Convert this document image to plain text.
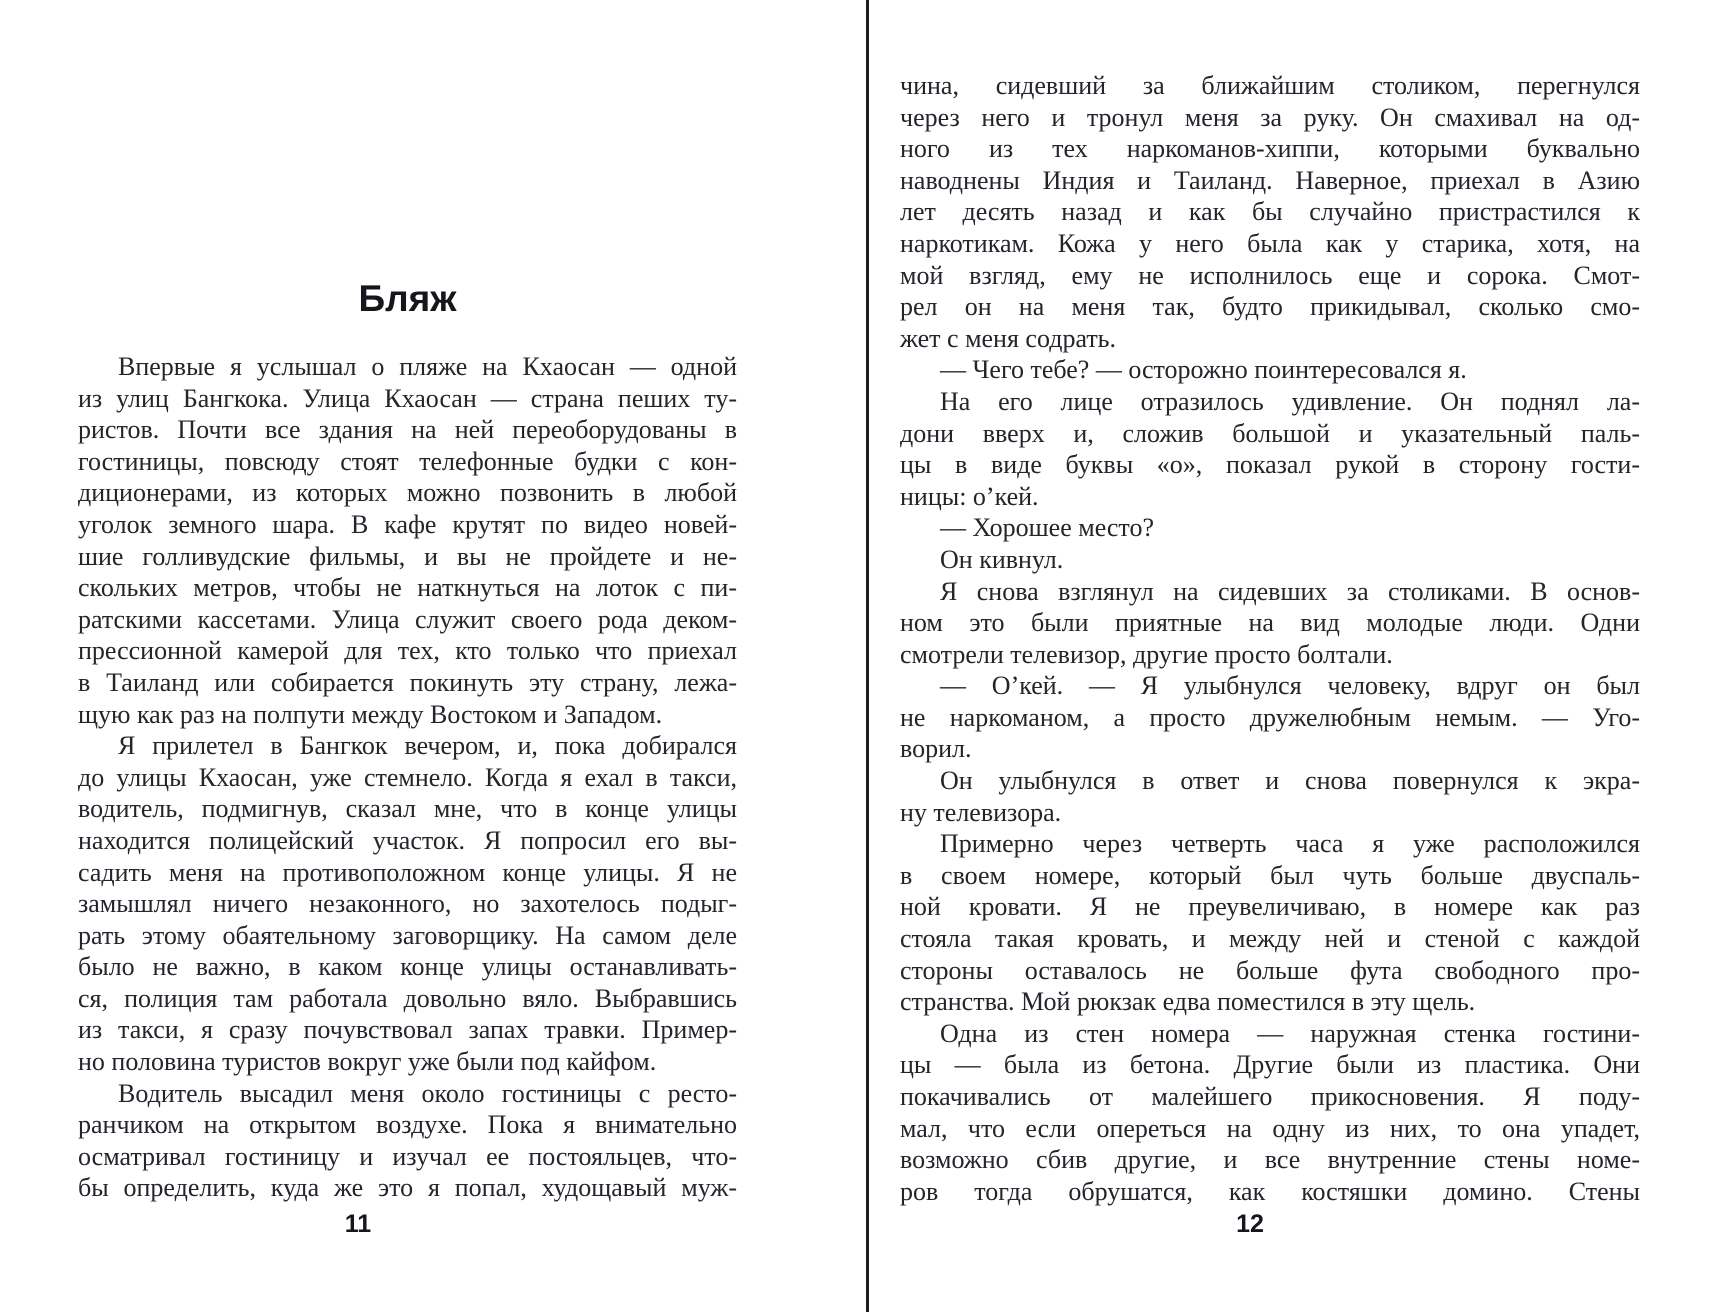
Бляж
Впервые я услышал о пляже на Кхаосан — одной
из улиц Бангкока. Улица Кхаосан — страна пеших ту-
ристов. Почти все здания на ней переоборудованы в
гостиницы, повсюду стоят телефонные будки с кон-
диционерами, из которых можно позвонить в любой
уголок земного шара. В кафе крутят по видео новей-
шие голливудские фильмы, и вы не пройдете и не-
скольких метров, чтобы не наткнуться на лоток с пи-
ратскими кассетами. Улица служит своего рода деком-
прессионной камерой для тех, кто только что приехал
в Таиланд или собирается покинуть эту страну, лежа-
щую как раз на полпути между Востоком и Западом.
Я прилетел в Бангкок вечером, и, пока добирался
до улицы Кхаосан, уже стемнело. Когда я ехал в такси,
водитель, подмигнув, сказал мне, что в конце улицы
находится полицейский участок. Я попросил его вы-
садить меня на противоположном конце улицы. Я не
замышлял ничего незаконного, но захотелось подыг-
рать этому обаятельному заговорщику. На самом деле
было не важно, в каком конце улицы останавливать-
ся, полиция там работала довольно вяло. Выбравшись
из такси, я сразу почувствовал запах травки. Пример-
но половина туристов вокруг уже были под кайфом.
Водитель высадил меня около гостиницы с ресто-
ранчиком на открытом воздухе. Пока я внимательно
осматривал гостиницу и изучал ее постояльцев, что-
бы определить, куда же это я попал, худощавый муж-
11
чина, сидевший за ближайшим столиком, перегнулся
через него и тронул меня за руку. Он смахивал на од-
ного из тех наркоманов-хиппи, которыми буквально
наводнены Индия и Таиланд. Наверное, приехал в Азию
лет десять назад и как бы случайно пристрастился к
наркотикам. Кожа у него была как у старика, хотя, на
мой взгляд, ему не исполнилось еще и сорока. Смот-
рел он на меня так, будто прикидывал, сколько смо-
жет с меня содрать.
— Чего тебе? — осторожно поинтересовался я.
На его лице отразилось удивление. Он поднял ла-
дони вверх и, сложив большой и указательный паль-
цы в виде буквы «о», показал рукой в сторону гости-
ницы: о’кей.
— Хорошее место?
Он кивнул.
Я снова взглянул на сидевших за столиками. В основ-
ном это были приятные на вид молодые люди. Одни
смотрели телевизор, другие просто болтали.
— О’кей. — Я улыбнулся человеку, вдруг он был
не наркоманом, а просто дружелюбным немым. — Уго-
ворил.
Он улыбнулся в ответ и снова повернулся к экра-
ну телевизора.
Примерно через четверть часа я уже расположился
в своем номере, который был чуть больше двуспаль-
ной кровати. Я не преувеличиваю, в номере как раз
стояла такая кровать, и между ней и стеной с каждой
стороны оставалось не больше фута свободного про-
странства. Мой рюкзак едва поместился в эту щель.
Одна из стен номера — наружная стенка гостини-
цы — была из бетона. Другие были из пластика. Они
покачивались от малейшего прикосновения. Я поду-
мал, что если опереться на одну из них, то она упадет,
возможно сбив другие, и все внутренние стены номе-
ров тогда обрушатся, как костяшки домино. Стены
12
